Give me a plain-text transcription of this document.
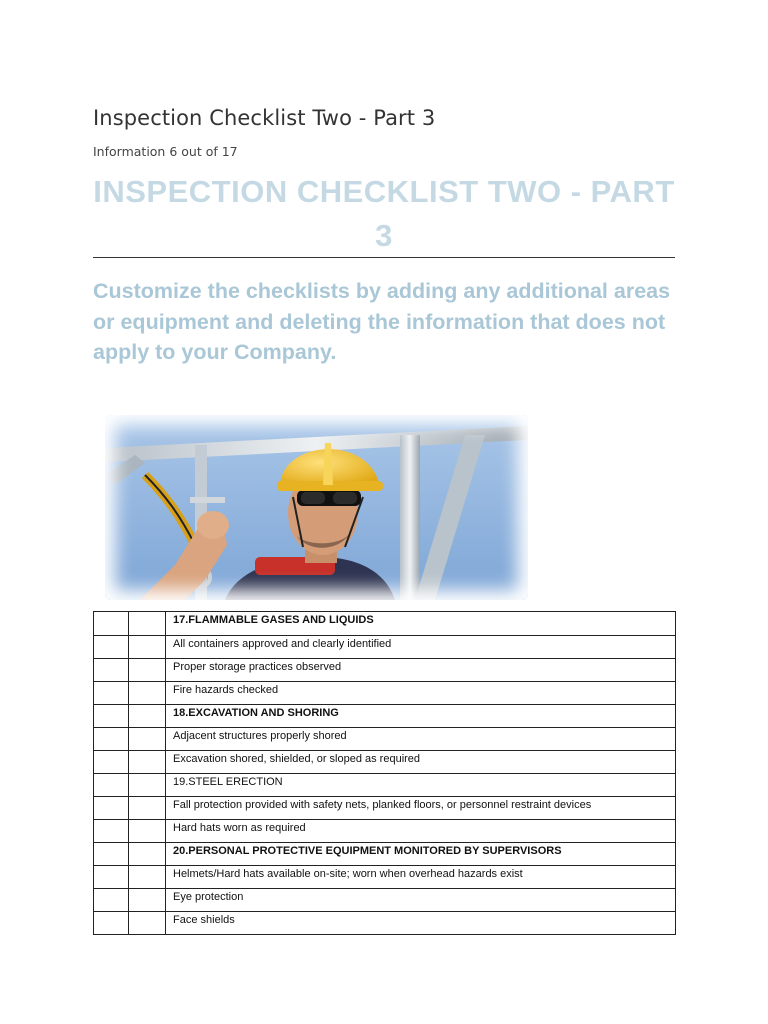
Inspection Checklist Two - Part 3
Information 6 out of 17
INSPECTION CHECKLIST TWO - PART 3

Customize the checklists by adding any additional areas or equipment and deleting the information that does not apply to your Company.

		17.FLAMMABLE GASES AND LIQUIDS
		All containers approved and clearly identified
		Proper storage practices observed
		Fire hazards checked
		18.EXCAVATION AND SHORING
		Adjacent structures properly shored
		Excavation shored, shielded, or sloped as required
		19.STEEL ERECTION
		Fall protection provided with safety nets, planked floors, or personnel restraint devices
		Hard hats worn as required
		20.PERSONAL PROTECTIVE EQUIPMENT MONITORED BY SUPERVISORS
		Helmets/Hard hats available on-site; worn when overhead hazards exist
		Eye protection
		Face shields
